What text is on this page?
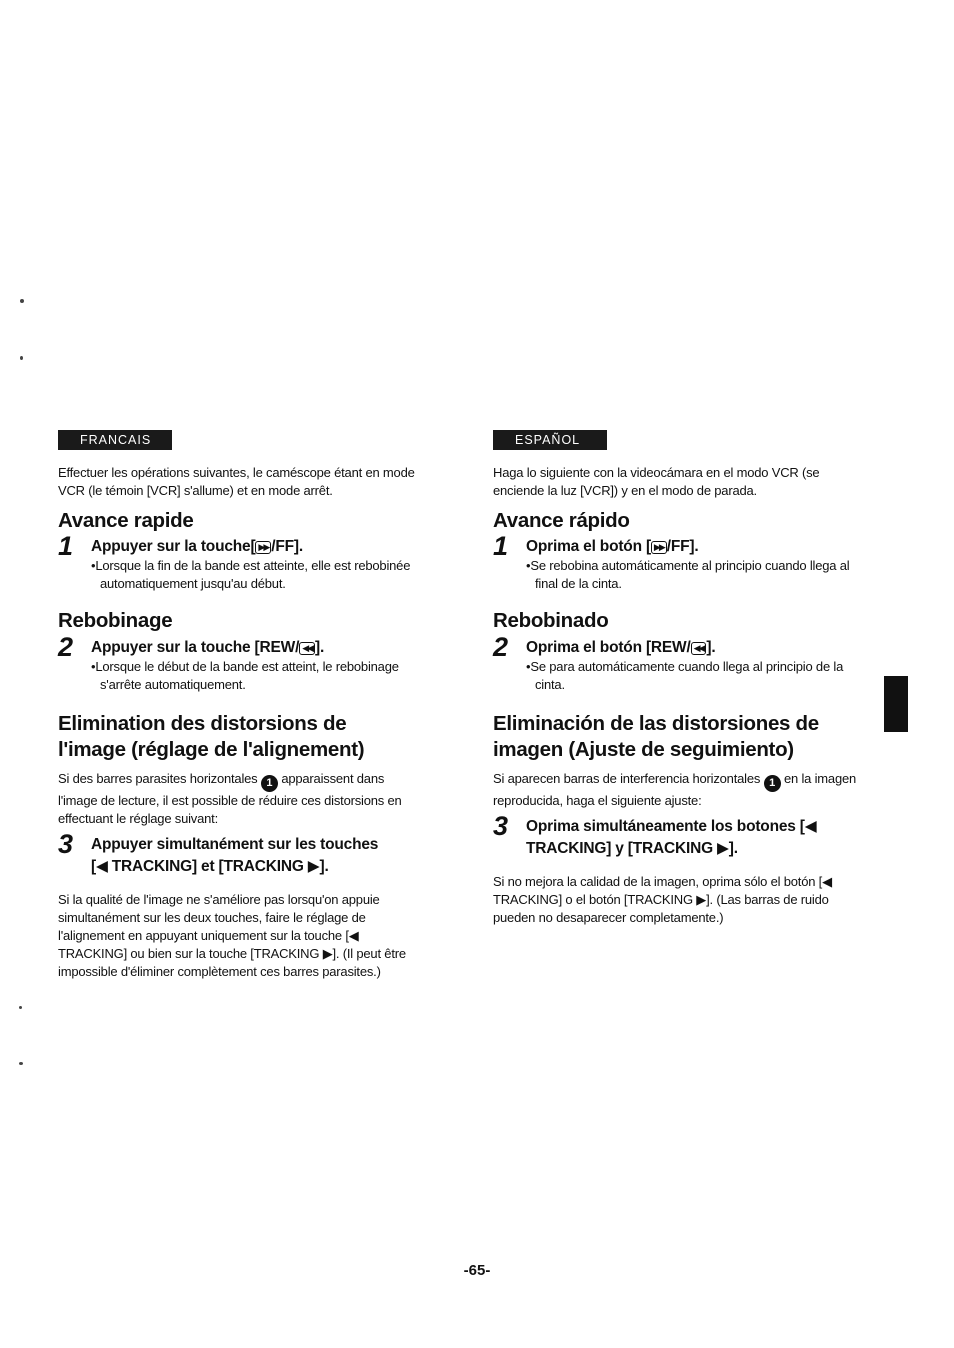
FRANCAIS

Effectuer les opérations suivantes, le caméscope étant en mode VCR (le témoin [VCR] s'allume) et en mode arrêt.

Avance rapide
1 Appuyer sur la touche[ ▶▶ /FF].

•Lorsque la fin de la bande est atteinte, elle est rebobinée automatiquement jusqu'au début.

Rebobinage
2 Appuyer sur la touche [REW/ ◀◀ ].

•Lorsque le début de la bande est atteint, le rebobinage s'arrête automatiquement.

Elimination des distorsions de l'image (réglage de l'alignement)

Si des barres parasites horizontales 1 apparaissent dans l'image de lecture, il est possible de réduire ces distorsions en effectuant le réglage suivant:

3 Appuyer simultanément sur les touches [◀ TRACKING] et [TRACKING ▶].

Si la qualité de l'image ne s'améliore pas lorsqu'on appuie simultanément sur les deux touches, faire le réglage de l'alignement en appuyant uniquement sur la touche [◀ TRACKING] ou bien sur la touche [TRACKING ▶]. (Il peut être impossible d'éliminer complètement ces barres parasites.)

ESPAÑOL

Haga lo siguiente con la videocámara en el modo VCR (se enciende la luz [VCR]) y en el modo de parada.

Avance rápido
1 Oprima el botón [ ▶▶ /FF].

•Se rebobina automáticamente al principio cuando llega al final de la cinta.

Rebobinado
2 Oprima el botón [REW/ ◀◀ ].

•Se para automáticamente cuando llega al principio de la cinta.

Eliminación de las distorsiones de imagen (Ajuste de seguimiento)

Si aparecen barras de interferencia horizontales 1 en la imagen reproducida, haga el siguiente ajuste:

3 Oprima simultáneamente los botones [◀ TRACKING] y [TRACKING ▶].

Si no mejora la calidad de la imagen, oprima sólo el botón [◀ TRACKING] o el botón [TRACKING ▶]. (Las barras de ruido pueden no desaparecer completamente.)

-65-
